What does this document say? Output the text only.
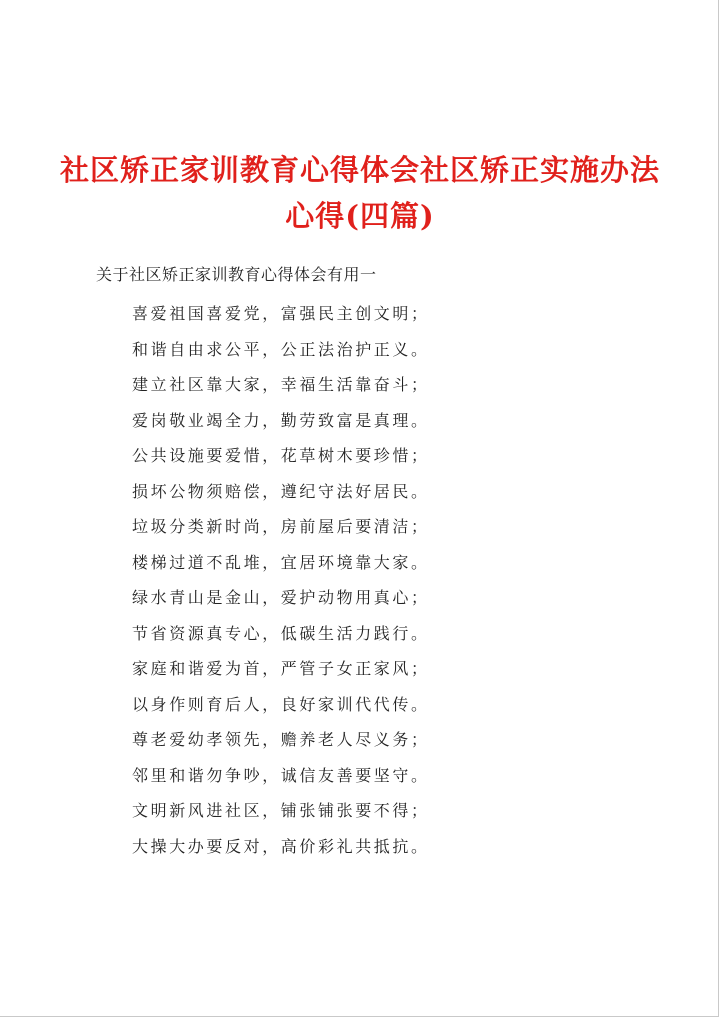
社区矫正家训教育心得体会社区矫正实施办法
心得(四篇)

关于社区矫正家训教育心得体会有用一

喜爱祖国喜爱党，富强民主创文明；
和谐自由求公平，公正法治护正义。
建立社区靠大家，幸福生活靠奋斗；
爱岗敬业竭全力，勤劳致富是真理。
公共设施要爱惜，花草树木要珍惜；
损坏公物须赔偿，遵纪守法好居民。
垃圾分类新时尚，房前屋后要清洁；
楼梯过道不乱堆，宜居环境靠大家。
绿水青山是金山，爱护动物用真心；
节省资源真专心，低碳生活力践行。
家庭和谐爱为首，严管子女正家风；
以身作则育后人，良好家训代代传。
尊老爱幼孝领先，赡养老人尽义务；
邻里和谐勿争吵，诚信友善要坚守。
文明新风进社区，铺张铺张要不得；
大操大办要反对，高价彩礼共抵抗。
